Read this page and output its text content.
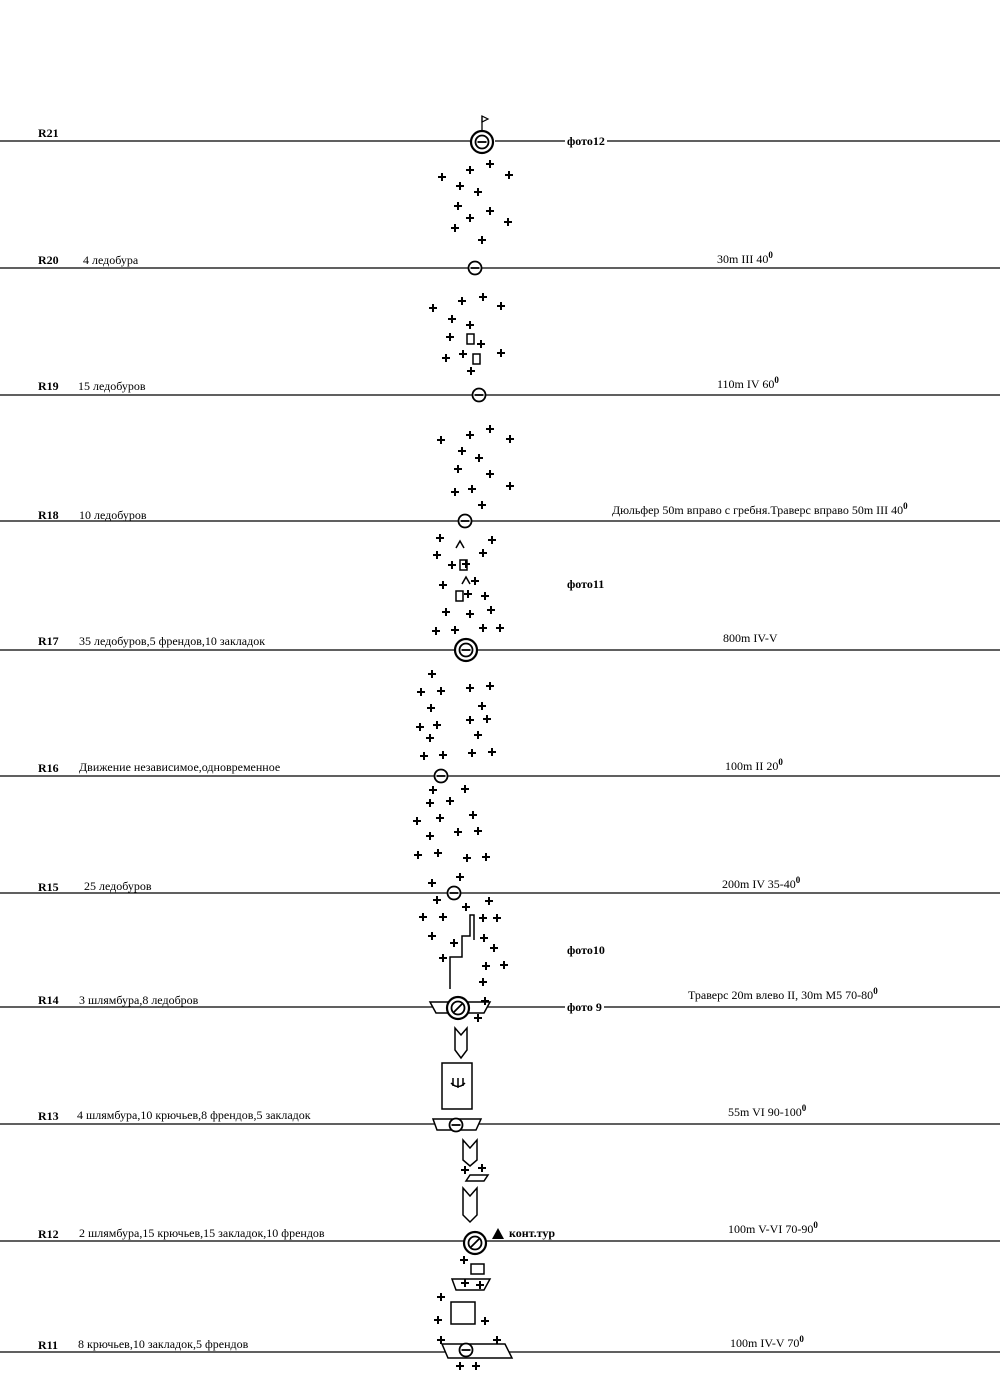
R21
R20 4 ледобура
R19 15 ледобуров
R18 10 ледобуров
R17 35 ледобуров,5 френдов,10 закладок
R16 Движение независимое,одновременное
R15 25 ледобуров
R14 3 шлямбура,8 ледобров
R13 4 шлямбура,10 крючьев,8 френдов,5 закладок
R12 2 шлямбура,15 крючьев,15 закладок,10 френдов
R11 8 крючьев,10 закладок,5 френдов
30m III $40^0$
110m IV $60^0$
Дюльфер 50m вправо с гребня.Траверс вправо 50m III $40^0$
800m IV-V
100m II $20^0$
200m IV $35-40^0$
Траверс 20m влево II, 30m М5 $70-80^0$
55m VI $90-100^0$
100m V-VI $70-90^0$
100m IV-V $70^0$
фото12
фото11
фото10
фото 9
конт.тур
